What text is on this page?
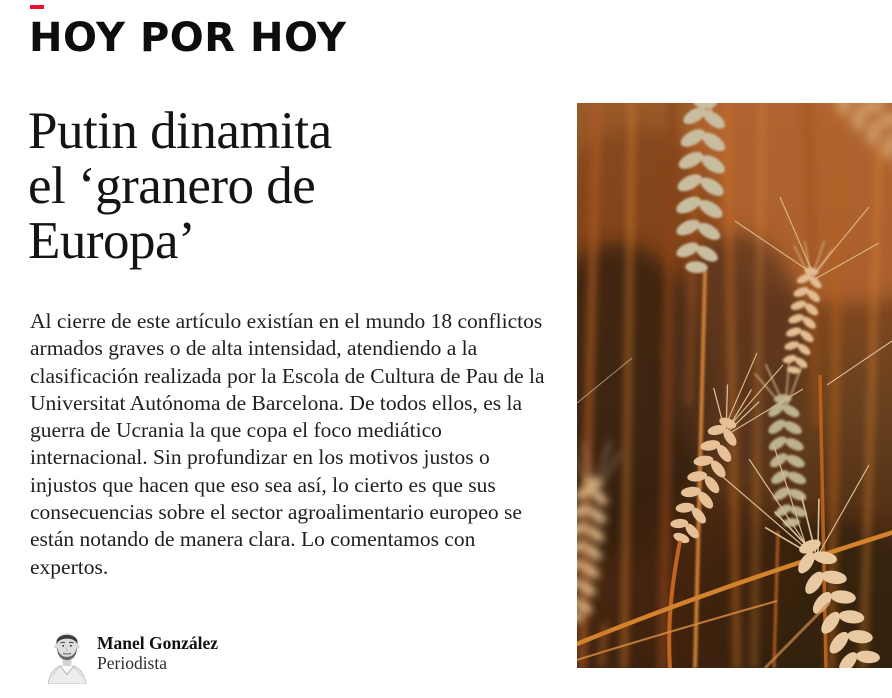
HOY POR HOY
Putin dinamita
el ‘granero de
Europa’

Al cierre de este artículo existían en el mundo 18 conflictos armados graves o de alta intensidad, atendiendo a la clasificación realizada por la Escola de Cultura de Pau de la Universitat Autónoma de Barcelona. De todos ellos, es la guerra de Ucrania la que copa el foco mediático internacional. Sin profundizar en los motivos justos o injustos que hacen que eso sea así, lo cierto es que sus consecuencias sobre el sector agroalimentario europeo se están notando de manera clara. Lo comentamos con expertos.

Manel González
Periodista
